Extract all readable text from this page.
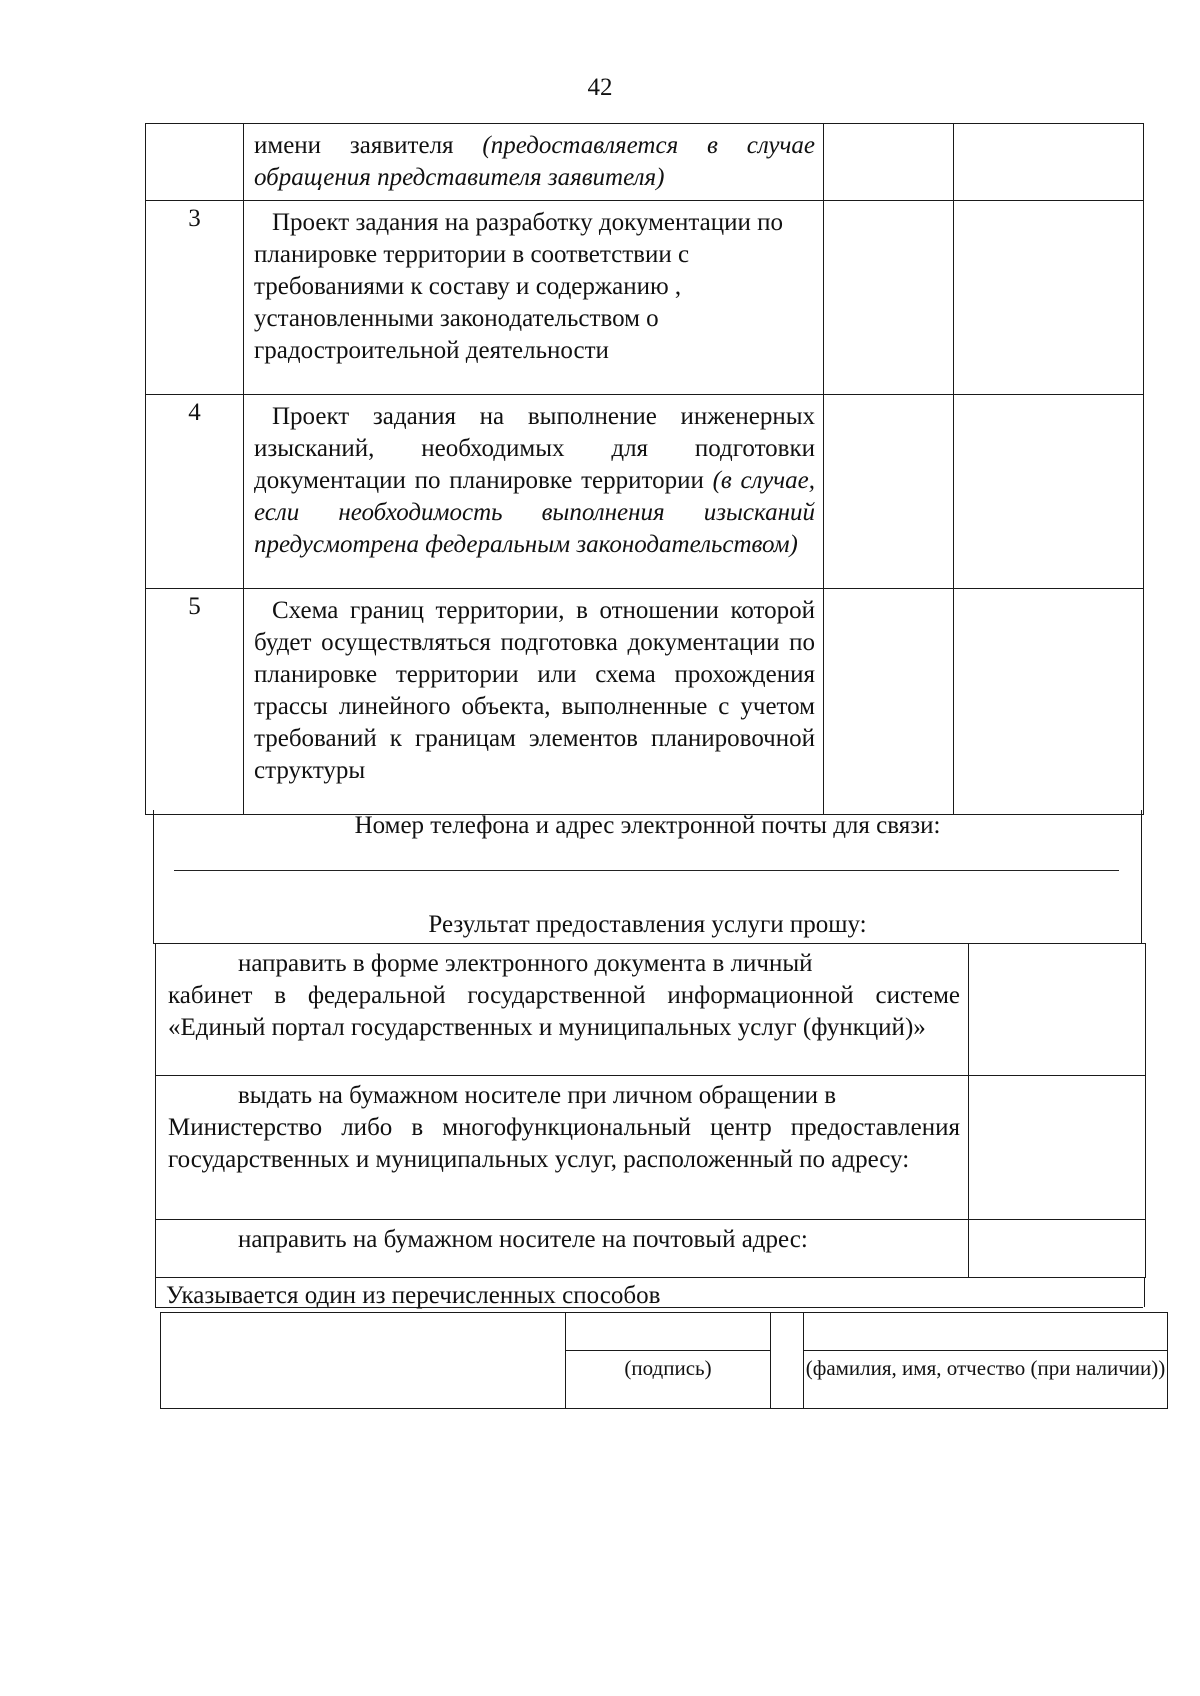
42
	имени заявителя (предоставляется в случае обращения представителя заявителя)		
3	Проект задания на разработку документации по планировке территории в соответствии с требованиями к составу и содержанию , установленными законодательством о градостроительной деятельности		
4	Проект задания на выполнение инженерных изысканий, необходимых для подготовки документации по планировке территории (в случае, если необходимость выполнения изысканий предусмотрена федеральным законодательством)		
5	Схема границ территории, в отношении которой будет осуществляться подготовка документации по планировке территории или схема прохождения трассы линейного объекта, выполненные с учетом требований к границам элементов планировочной структуры		
Номер телефона и адрес электронной почты для связи:
Результат предоставления услуги прошу:
направить в форме электронного документа в личный
кабинет в федеральной государственной информационной системе «Единый портал государственных и муниципальных услуг (функций)»	

выдать на бумажном носителе при личном обращении в
Министерство либо в многофункциональный центр предоставления государственных и муниципальных услуг, расположенный по адресу:	

направить на бумажном носителе на почтовый адрес:	

Указывается один из перечисленных способов

	(подпись)		(фамилия, имя, отчество (при наличии))
